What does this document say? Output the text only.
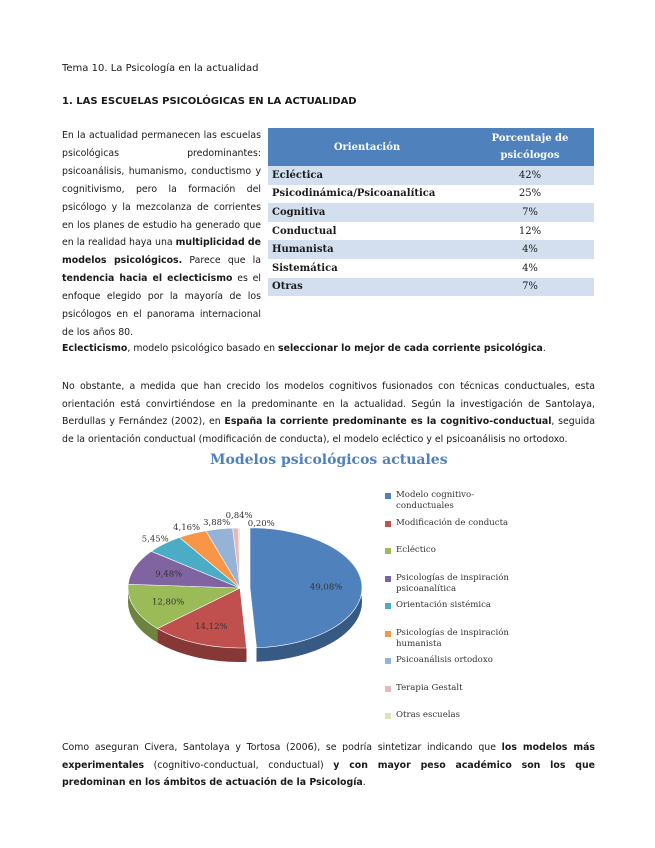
Tema 10. La Psicología en la actualidad
1. LAS ESCUELAS PSICOLÓGICAS EN LA ACTUALIDAD
En la actualidad permanecen las escuelas psicológicas predominantes: psicoanálisis, humanismo, conductismo y cognitivismo, pero la formación del psicólogo y la mezcolanza de corrientes en los planes de estudio ha generado que en la realidad haya una multiplicidad de modelos psicológicos. Parece que la tendencia hacia el eclecticismo es el enfoque elegido por la mayoría de los psicólogos en el panorama internacional de los años 80.
Orientación	Porcentaje de psicólogos
Ecléctica	42%
Psicodinámica/Psicoanalítica	25%
Cognitiva	7%
Conductual	12%
Humanista	4%
Sistemática	4%
Otras	7%
Eclecticismo, modelo psicológico basado en seleccionar lo mejor de cada corriente psicológica.
No obstante, a medida que han crecido los modelos cognitivos fusionados con técnicas conductuales, esta orientación está convirtiéndose en la predominante en la actualidad. Según la investigación de Santolaya, Berdullas y Fernández (2002), en España la corriente predominante es la cognitivo-conductual, seguida de la orientación conductual (modificación de conducta), el modelo ecléctico y el psicoanálisis no ortodoxo.
Modelos psicológicos actuales
49,08%
14,12%
12,80%
9,48%
5,45%
4,16%
3,88%
0,84%
0,20%
Modelo cognitivo-conductuales
Modificación de conducta
Ecléctico
Psicologías de inspiración psicoanalítica
Orientación sistémica
Psicologías de inspiración humanista
Psicoanálisis ortodoxo
Terapia Gestalt
Otras escuelas
Como aseguran Civera, Santolaya y Tortosa (2006), se podría sintetizar indicando que los modelos más experimentales (cognitivo-conductual, conductual) y con mayor peso académico son los que predominan en los ámbitos de actuación de la Psicología.
